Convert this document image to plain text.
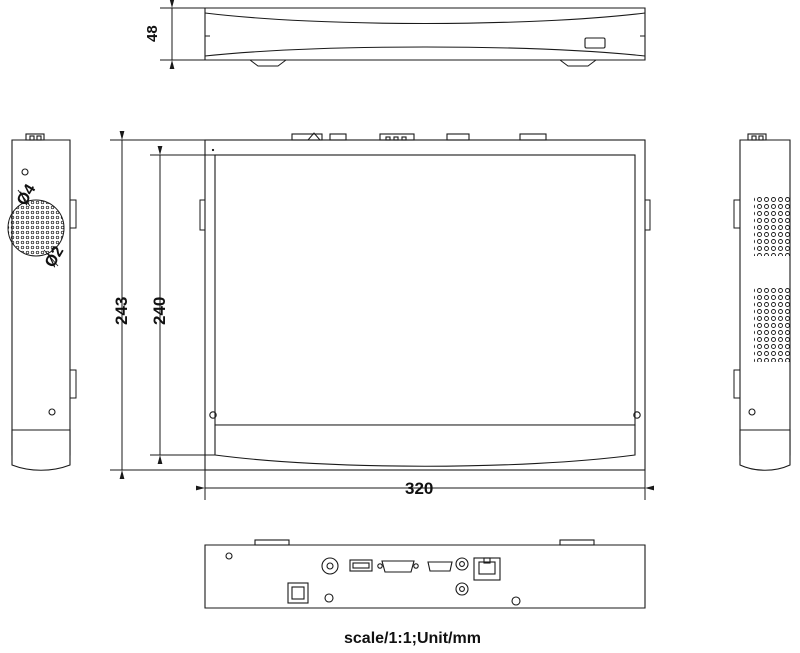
48
243	240
320
Ø4
Ø2
scale/1:1;Unit/mm
